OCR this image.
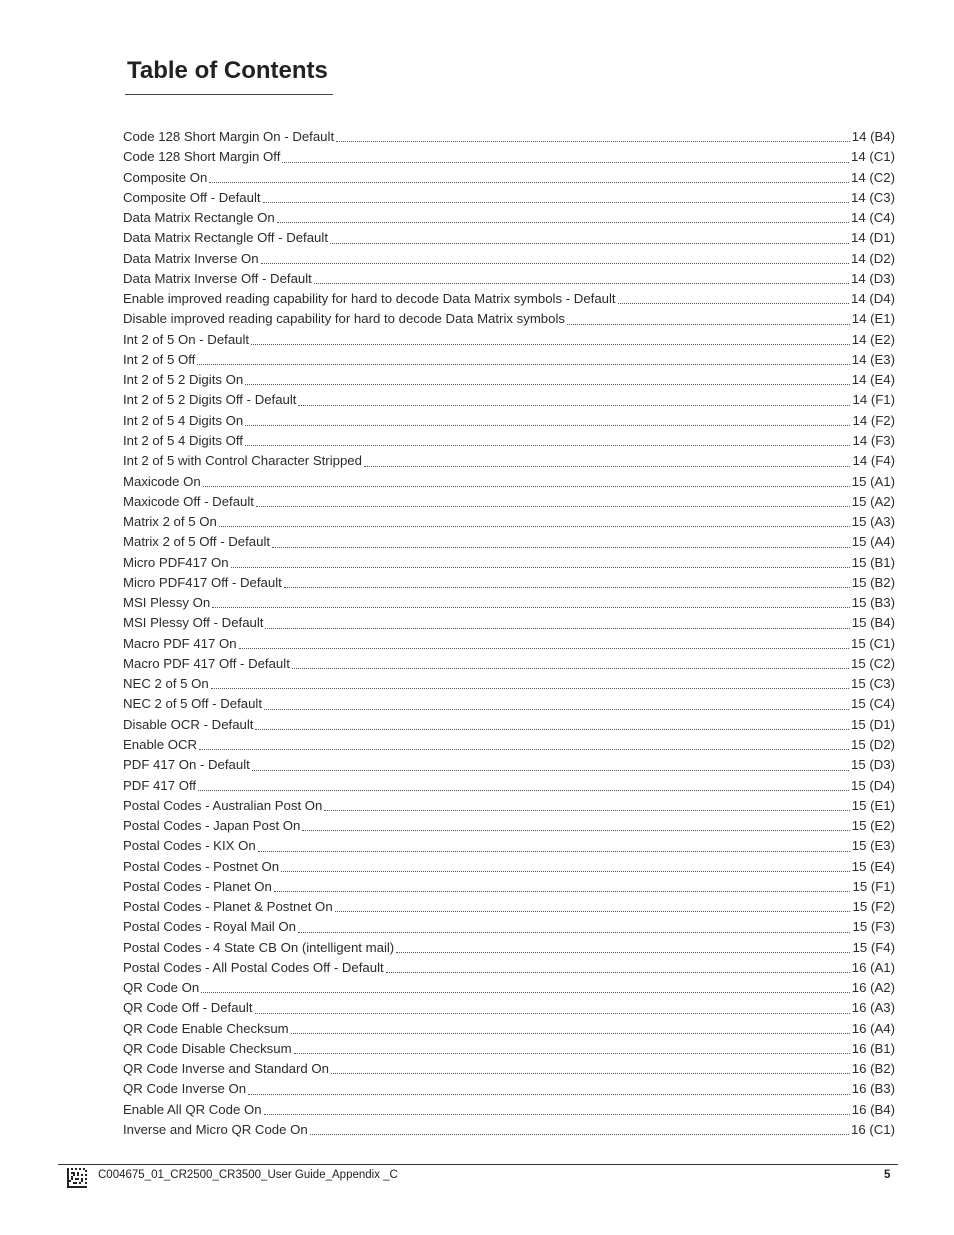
Table of Contents
Code 128 Short Margin On - Default	14 (B4)
Code 128 Short Margin Off	14 (C1)
Composite On	14 (C2)
Composite Off - Default	14 (C3)
Data Matrix Rectangle On	14 (C4)
Data Matrix Rectangle Off - Default	14 (D1)
Data Matrix Inverse On	14 (D2)
Data Matrix Inverse Off - Default	14 (D3)
Enable improved reading capability for hard to decode Data Matrix symbols - Default	14 (D4)
Disable improved reading capability for hard to decode Data Matrix symbols	14 (E1)
Int 2 of 5 On - Default	14 (E2)
Int 2 of 5 Off	14 (E3)
Int 2 of 5 2 Digits On	14 (E4)
Int 2 of 5 2 Digits Off - Default	14 (F1)
Int 2 of 5 4 Digits On	14 (F2)
Int 2 of 5 4 Digits Off	14 (F3)
Int 2 of 5 with Control Character Stripped	14 (F4)
Maxicode On	15 (A1)
Maxicode Off - Default	15 (A2)
Matrix 2 of 5 On	15 (A3)
Matrix 2 of 5 Off - Default	15 (A4)
Micro PDF417 On	15 (B1)
Micro PDF417 Off - Default	15 (B2)
MSI Plessy On	15 (B3)
MSI Plessy Off - Default	15 (B4)
Macro PDF 417 On	15 (C1)
Macro PDF 417 Off - Default	15 (C2)
NEC 2 of 5 On	15 (C3)
NEC 2 of 5 Off - Default	15 (C4)
Disable OCR - Default	15 (D1)
Enable OCR	15 (D2)
PDF 417 On - Default	15 (D3)
PDF 417 Off	15 (D4)
Postal Codes - Australian Post On	15 (E1)
Postal Codes - Japan Post On	15 (E2)
Postal Codes - KIX On	15 (E3)
Postal Codes - Postnet On	15 (E4)
Postal Codes - Planet On	15 (F1)
Postal Codes - Planet & Postnet On	15 (F2)
Postal Codes - Royal Mail On	15 (F3)
Postal Codes - 4 State CB On (intelligent mail)	15 (F4)
Postal Codes - All Postal Codes Off - Default	16 (A1)
QR Code On	16 (A2)
QR Code Off - Default	16 (A3)
QR Code Enable Checksum	16 (A4)
QR Code Disable Checksum	16 (B1)
QR Code Inverse and Standard On	16 (B2)
QR Code Inverse On	16 (B3)
Enable All QR Code On	16 (B4)
Inverse and Micro QR Code On	16 (C1)
C004675_01_CR2500_CR3500_User Guide_Appendix _C	5
